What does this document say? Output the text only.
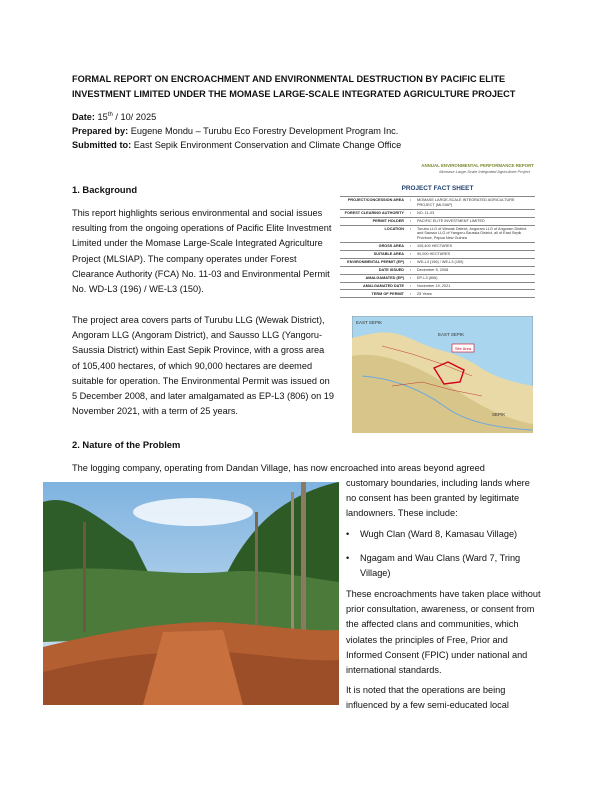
FORMAL REPORT ON ENCROACHMENT AND ENVIRONMENTAL DESTRUCTION BY PACIFIC ELITE INVESTMENT LIMITED UNDER THE MOMASE LARGE-SCALE INTEGRATED AGRICULTURE PROJECT
Date: 15th / 10/ 2025
Prepared by: Eugene Mondu – Turubu Eco Forestry Development Program Inc.
Submitted to: East Sepik Environment Conservation and Climate Change Office
1. Background
This report highlights serious environmental and social issues resulting from the ongoing operations of Pacific Elite Investment Limited under the Momase Large-Scale Integrated Agriculture Project (MLSIAP). The company operates under Forest Clearance Authority (FCA) No. 11-03 and Environmental Permit No. WD-L3 (196) / WE-L3 (150).
The project area covers parts of Turubu LLG (Wewak District), Angoram LLG (Angoram District), and Sausso LLG (Yangoru-Saussia District) within East Sepik Province, with a gross area of 105,400 hectares, of which 90,000 hectares are deemed suitable for operation. The Environmental Permit was issued on 5 December 2008, and later amalgamated as EP-L3 (806) on 19 November 2021, with a term of 25 years.
ANNUAL ENVIRONMENTAL PERFORMANCE REPORT
Momase Large-Scale Integrated Agriculture Project
PROJECT FACT SHEET
PROJECT/CONCESSION AREA	:	MOMASE LARGE-SCALE INTEGRATED AGRICULTURE PROJECT (MLSIAP)
FOREST CLEARING AUTHORITY	:	NO. 11-03
PERMIT HOLDER	:	PACIFIC ELITE INVESTMENT LIMITED
LOCATION	:	Turubu LLG of Wewak District, Angoram LLG of Angoram District, and Sausso LLG of Yangoru-Saussia District, all of East Sepik Province, Papua New Guinea
GROSS AREA	:	105,400 HECTARES
SUITABLE AREA	:	90,000 HECTARES
ENVIRONMENTAL PERMIT (EP)	:	WD-L3 (196) / WE-L3 (150)
DATE ISSUED	:	December 5, 2008
AMALGAMATED (EP)	:	EP-L3 (806)
AMALGAMATED DATE	:	November 19, 2021
TERM OF PERMIT	:	25 Years
Site Area
EAST SEPIK
EAST SEPIK
SEPIK
2. Nature of the Problem
The logging company, operating from Dandan Village, has now encroached into areas beyond agreed
customary boundaries, including lands where no consent has been granted by legitimate landowners. These include:
• Wugh Clan (Ward 8, Kamasau Village)
• Ngagam and Wau Clans (Ward 7, Tring Village)
These encroachments have taken place without prior consultation, awareness, or consent from the affected clans and communities, which violates the principles of Free, Prior and Informed Consent (FPIC) under national and international standards.
It is noted that the operations are being influenced by a few semi-educated local
